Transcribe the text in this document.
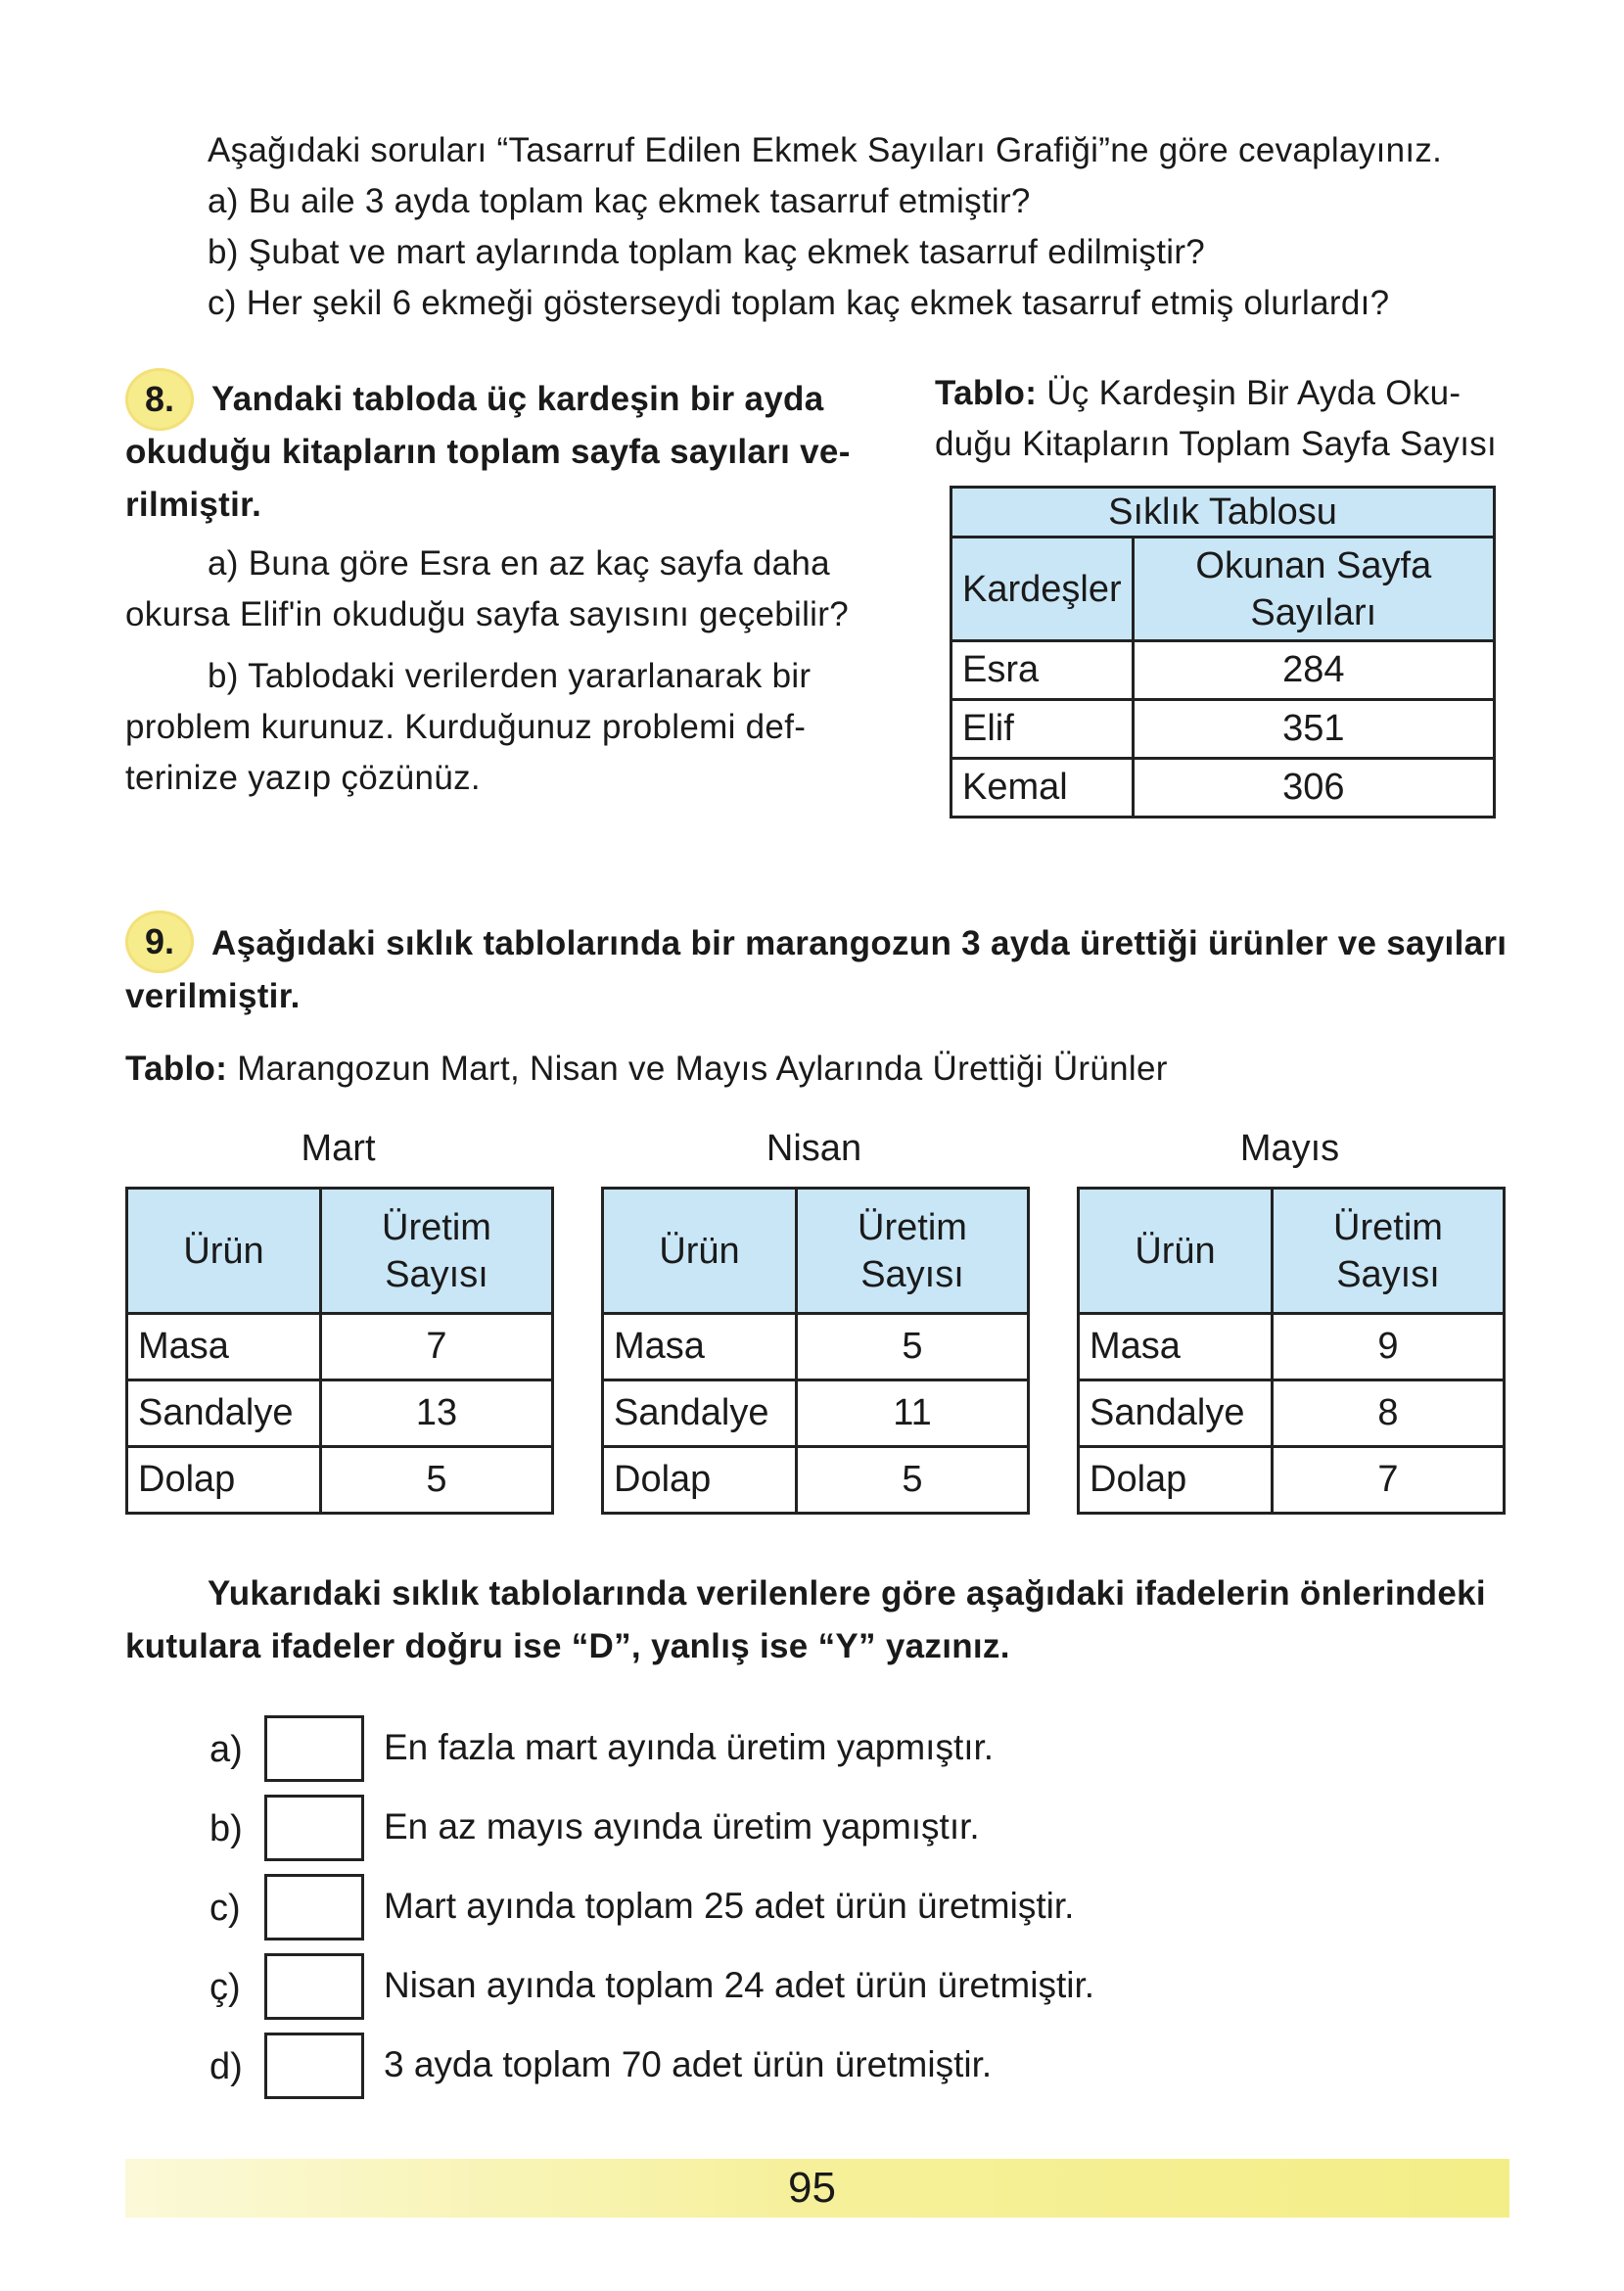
Aşağıdaki soruları “Tasarruf Edilen Ekmek Sayıları Grafiği”ne göre cevaplayınız.
a) Bu aile 3 ayda toplam kaç ekmek tasarruf etmiştir?
b) Şubat ve mart aylarında toplam kaç ekmek tasarruf edilmiştir?
c) Her şekil 6 ekmeği gösterseydi toplam kaç ekmek tasarruf etmiş olurlardı?
8.	Yandaki tabloda üç kardeşin bir ayda
okuduğu kitapların toplam sayfa sayıları ve-
rilmiştir.
a) Buna göre Esra en az kaç sayfa daha
okursa Elif'in okuduğu sayfa sayısını geçebilir?
b) Tablodaki verilerden yararlanarak bir
problem kurunuz. Kurduğunuz problemi def-
terinize yazıp çözünüz.
Tablo: Üç Kardeşin Bir Ayda Oku-
duğu Kitapların Toplam Sayfa Sayısı
Sıklık Tablosu	
Kardeşler	Okunan Sayfa
Sayıları

Esra	284
Elif	351
Kemal	306
9.	Aşağıdaki sıklık tablolarında bir marangozun 3 ayda ürettiği ürünler ve sayıları
verilmiştir.
Tablo: Marangozun Mart, Nisan ve Mayıs Aylarında Ürettiği Ürünler
Mart
Ürün	Üretim
Sayısı

Masa	7
Sandalye	13
Dolap	5
Nisan
Ürün	Üretim
Sayısı

Masa	5
Sandalye	11
Dolap	5
Mayıs
Ürün	Üretim
Sayısı

Masa	9
Sandalye	8
Dolap	7
Yukarıdaki sıklık tablolarında verilenlere göre aşağıdaki ifadelerin önlerindeki
kutulara ifadeler doğru ise “D”, yanlış ise “Y” yazınız.
a)	En fazla mart ayında üretim yapmıştır.
b)	En az mayıs ayında üretim yapmıştır.
c)	Mart ayında toplam 25 adet ürün üretmiştir.
ç)	Nisan ayında toplam 24 adet ürün üretmiştir.
d)	3 ayda toplam 70 adet ürün üretmiştir.
95
